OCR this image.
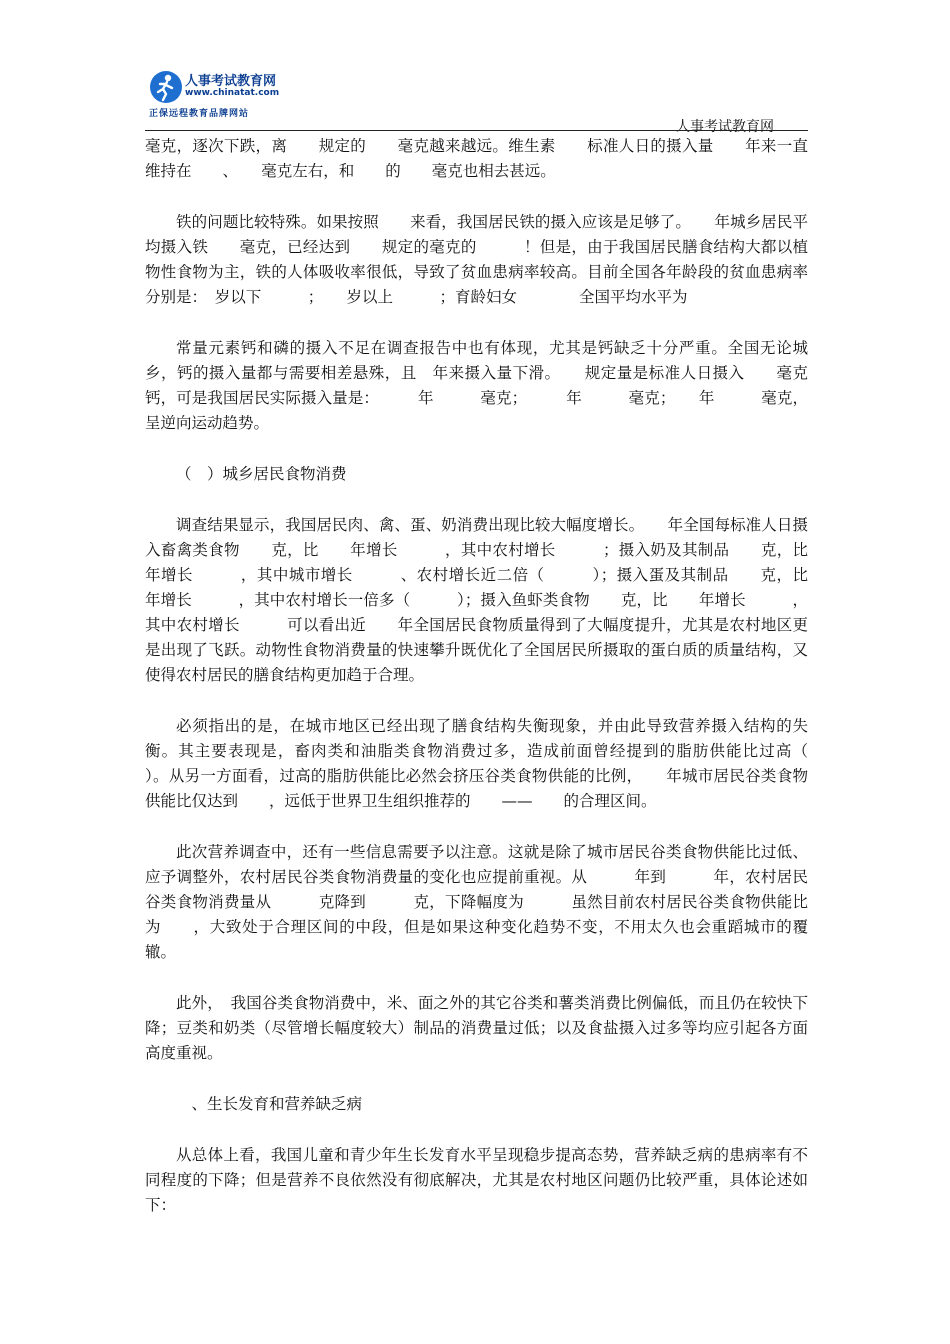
人事考试教育网
www.chinatat.com
正保远程教育品牌网站
人事考试教育网

毫克，逐次下跌，离　　规定的　　毫克越来越远。维生素　　标准人日的摄入量　　年来一直维持在　　、　　毫克左右，和　　的　　毫克也相去甚远。

铁的问题比较特殊。如果按照　　来看，我国居民铁的摄入应该是足够了。　　年城乡居民平均摄入铁　　毫克，已经达到　　规定的毫克的　　　！但是，由于我国居民膳食结构大都以植物性食物为主，铁的人体吸收率很低，导致了贫血患病率较高。目前全国各年龄段的贫血患病率分别是：　岁以下　　　；　　岁以上　　　；育龄妇女　　　　全国平均水平为

常量元素钙和磷的摄入不足在调查报告中也有体现，尤其是钙缺乏十分严重。全国无论城乡，钙的摄入量都与需要相差悬殊，且　年来摄入量下滑。　　规定量是标准人日摄入　　毫克钙，可是我国居民实际摄入量是：　　　年　　　毫克；　　　年　　　毫克；　　年　　　毫克，呈逆向运动趋势。

（　）城乡居民食物消费

调查结果显示，我国居民肉、禽、蛋、奶消费出现比较大幅度增长。　　年全国每标准人日摄入畜禽类食物　　克，比　　年增长　　　，其中农村增长　　　；摄入奶及其制品　　克，比　　年增长　　　，其中城市增长　　　、农村增长近二倍（　　　）；摄入蛋及其制品　　克，比　　年增长　　　，其中农村增长一倍多（　　　）；摄入鱼虾类食物　　克，比　　年增长　　　，其中农村增长　　　可以看出近　　年全国居民食物质量得到了大幅度提升，尤其是农村地区更是出现了飞跃。动物性食物消费量的快速攀升既优化了全国居民所摄取的蛋白质的质量结构，又使得农村居民的膳食结构更加趋于合理。

必须指出的是，在城市地区已经出现了膳食结构失衡现象，并由此导致营养摄入结构的失衡。其主要表现是，畜肉类和油脂类食物消费过多，造成前面曾经提到的脂肪供能比过高（　　）。从另一方面看，过高的脂肪供能比必然会挤压谷类食物供能的比例，　　年城市居民谷类食物供能比仅达到　　，远低于世界卫生组织推荐的　　——　　的合理区间。

此次营养调查中，还有一些信息需要予以注意。这就是除了城市居民谷类食物供能比过低、应予调整外，农村居民谷类食物消费量的变化也应提前重视。从　　　年到　　　年，农村居民谷类食物消费量从　　　克降到　　　克，下降幅度为　　　虽然目前农村居民谷类食物供能比为　　，大致处于合理区间的中段，但是如果这种变化趋势不变，不用太久也会重蹈城市的覆辙。

此外，　我国谷类食物消费中，米、面之外的其它谷类和薯类消费比例偏低，而且仍在较快下降；豆类和奶类（尽管增长幅度较大）制品的消费量过低；以及食盐摄入过多等均应引起各方面高度重视。

　、生长发育和营养缺乏病

从总体上看，我国儿童和青少年生长发育水平呈现稳步提高态势，营养缺乏病的患病率有不同程度的下降；但是营养不良依然没有彻底解决，尤其是农村地区问题仍比较严重，具体论述如下：
